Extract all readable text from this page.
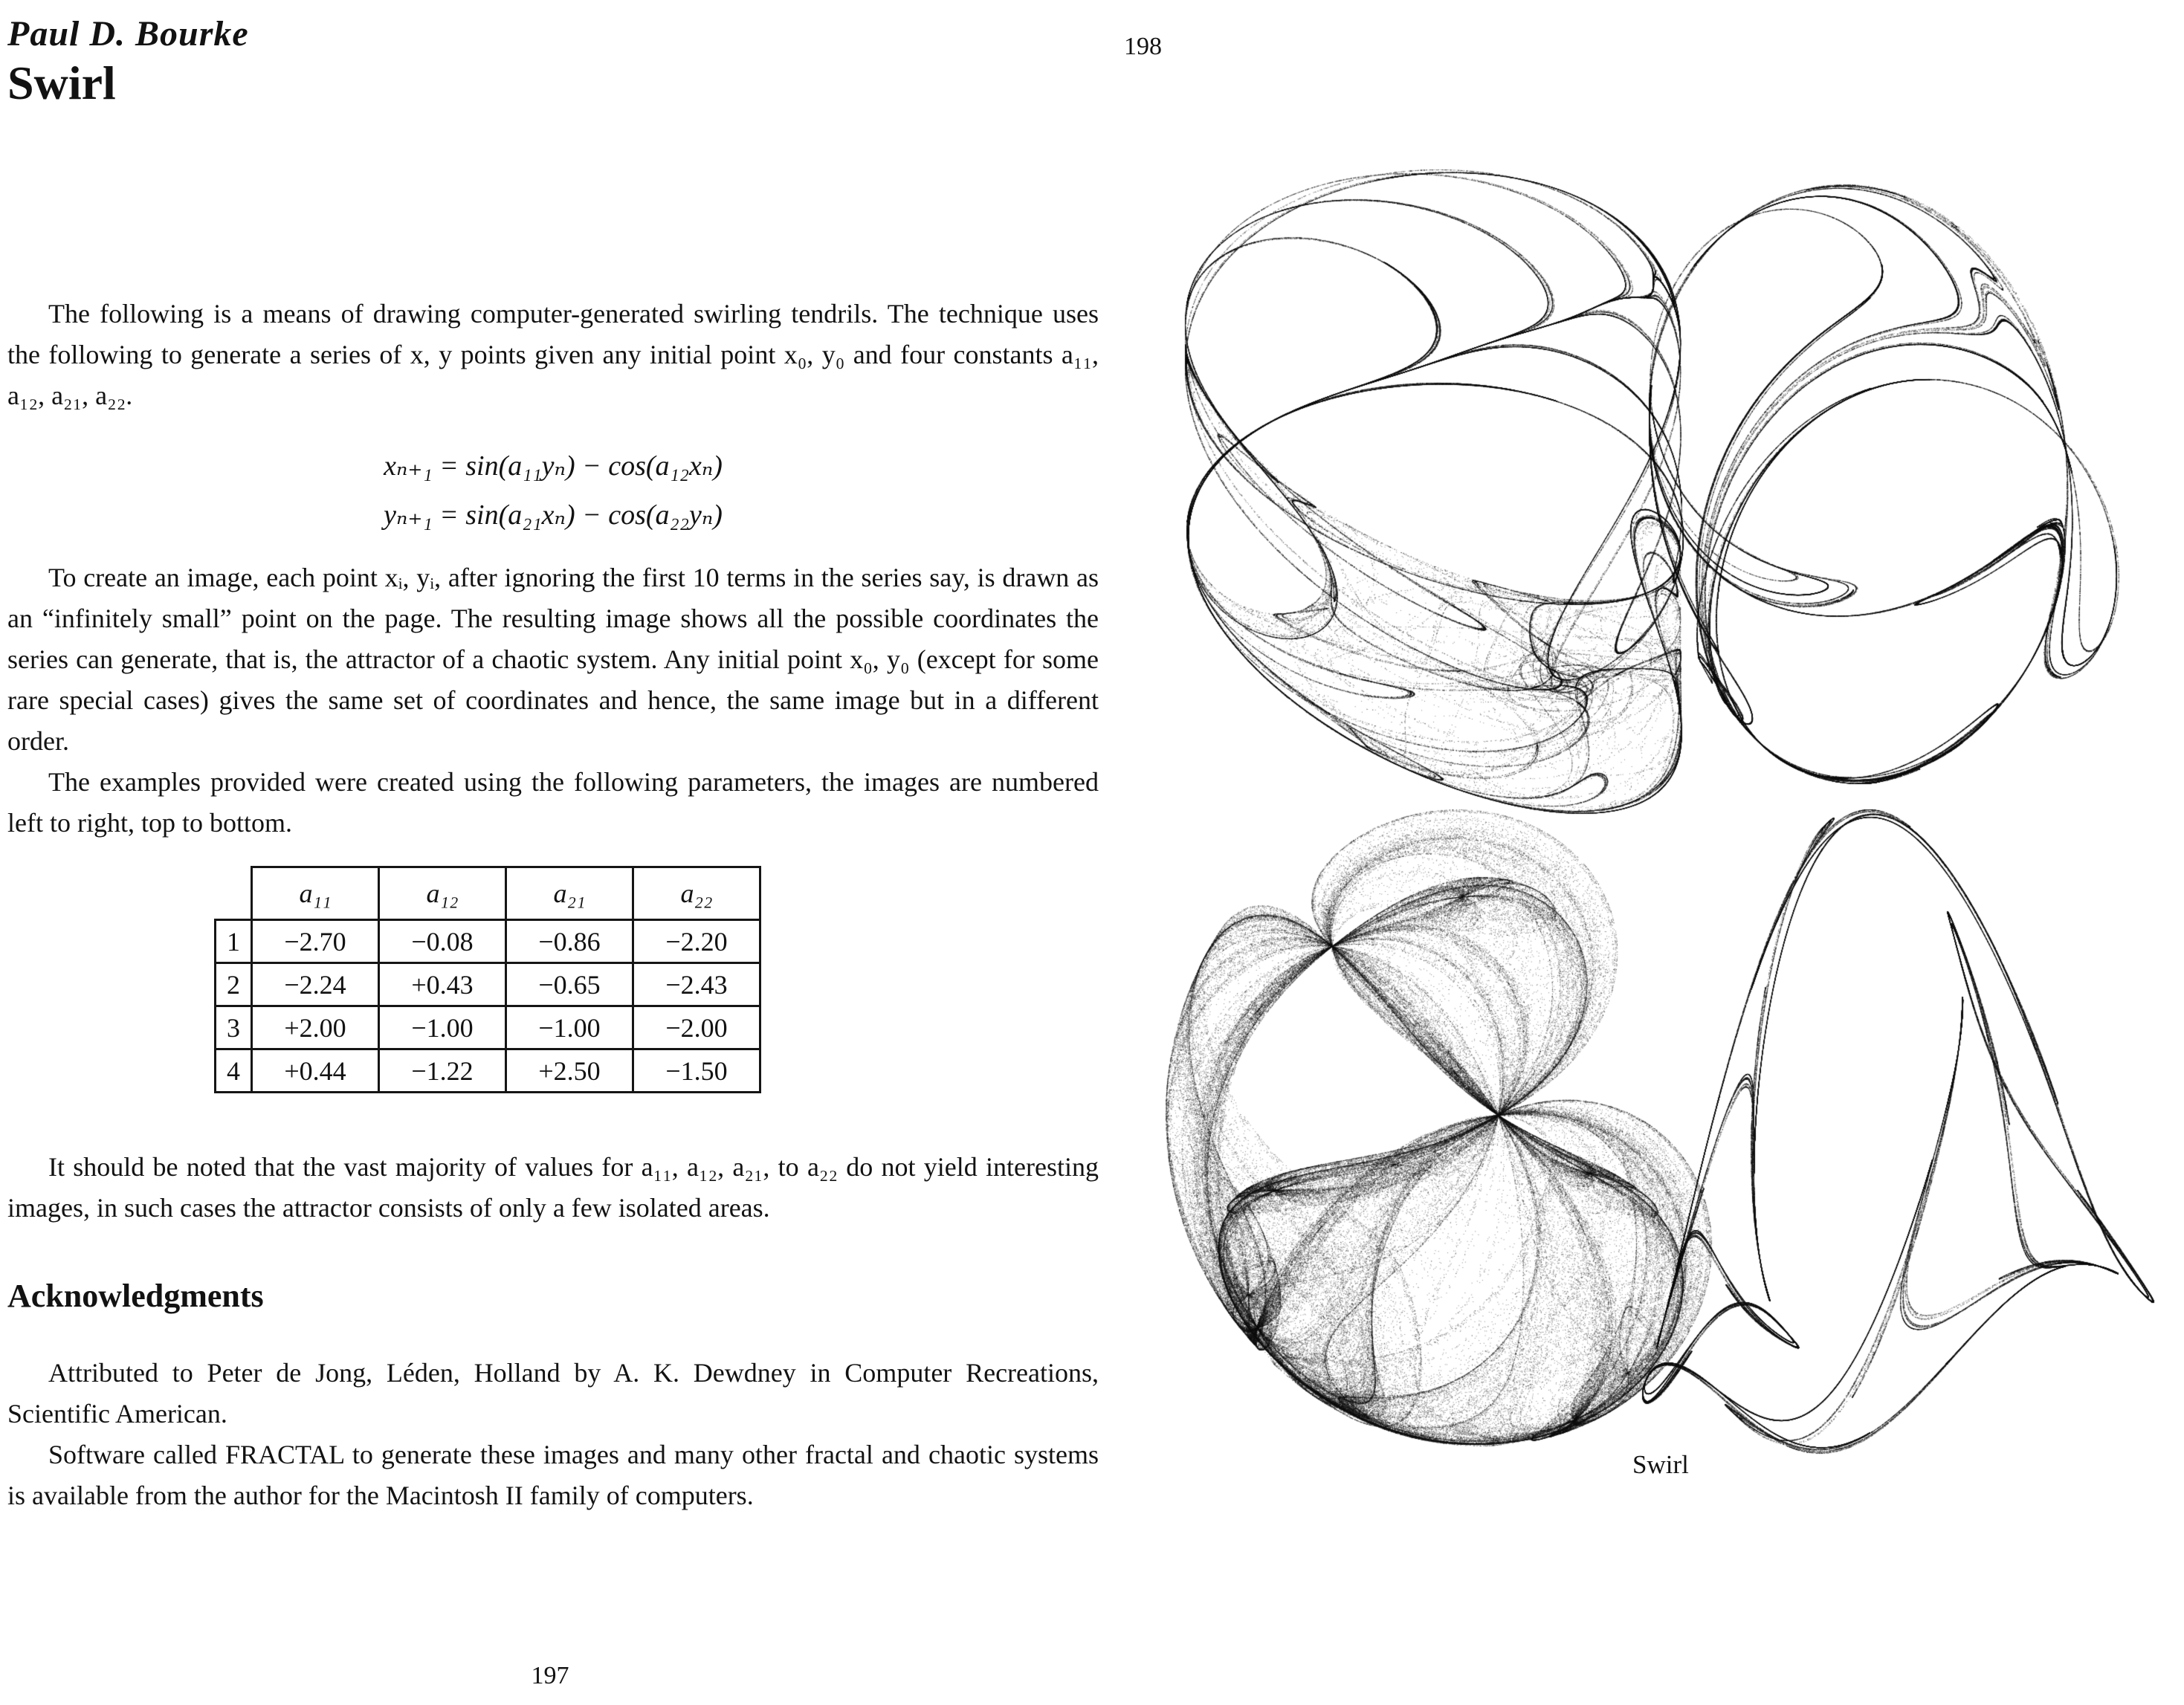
Paul D. Bourke
Swirl

The following is a means of drawing computer-generated swirling tendrils. The technique uses the following to generate a series of x, y points given any initial point x₀, y₀ and four constants a₁₁, a₁₂, a₂₁, a₂₂.

xₙ₊₁ = sin(a₁₁yₙ) − cos(a₁₂xₙ)
yₙ₊₁ = sin(a₂₁xₙ) − cos(a₂₂yₙ)

To create an image, each point xᵢ, yᵢ, after ignoring the first 10 terms in the series say, is drawn as an “infinitely small” point on the page. The resulting image shows all the possible coordinates the series can generate, that is, the attractor of a chaotic system. Any initial point x₀, y₀ (except for some rare special cases) gives the same set of coordinates and hence, the same image but in a different order.

The examples provided were created using the following parameters, the images are numbered left to right, top to bottom.

	a₁₁	a₁₂	a₂₁	a₂₂
1	−2.70	−0.08	−0.86	−2.20
2	−2.24	+0.43	−0.65	−2.43
3	+2.00	−1.00	−1.00	−2.00
4	+0.44	−1.22	+2.50	−1.50

It should be noted that the vast majority of values for a₁₁, a₁₂, a₂₁, to a₂₂ do not yield interesting images, in such cases the attractor consists of only a few isolated areas.

Acknowledgments

Attributed to Peter de Jong, Léden, Holland by A. K. Dewdney in Computer Recreations, Scientific American.

Software called FRACTAL to generate these images and many other fractal and chaotic systems is available from the author for the Macintosh II family of computers.

197
198
Swirl
